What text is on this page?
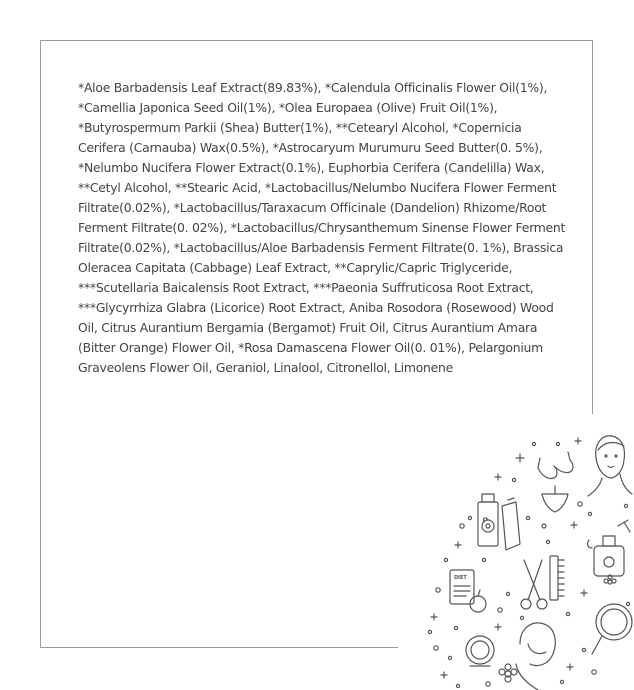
*Aloe Barbadensis Leaf Extract(89.83%), *Calendula Officinalis Flower Oil(1%), *Camellia Japonica Seed Oil(1%), *Olea Europaea (Olive) Fruit Oil(1%), *Butyrospermum Parkii (Shea) Butter(1%), **Cetearyl Alcohol, *Copernicia Cerifera (Carnauba) Wax(0.5%), *Astrocaryum Murumuru Seed Butter(0. 5%), *Nelumbo Nucifera Flower Extract(0.1%), Euphorbia Cerifera (Candelilla) Wax, **Cetyl Alcohol, **Stearic Acid, *Lactobacillus/Nelumbo Nucifera Flower Ferment Filtrate(0.02%), *Lactobacillus/Taraxacum Officinale (Dandelion) Rhizome/Root Ferment Filtrate(0. 02%), *Lactobacillus/Chrysanthemum Sinense Flower Ferment Filtrate(0.02%), *Lactobacillus/Aloe Barbadensis Ferment Filtrate(0. 1%), Brassica Oleracea Capitata (Cabbage) Leaf Extract, **Caprylic/Capric Triglyceride, ***Scutellaria Baicalensis Root Extract, ***Paeonia Suffruticosa Root Extract, ***Glycyrrhiza Glabra (Licorice) Root Extract, Aniba Rosodora (Rosewood) Wood Oil, Citrus Aurantium Bergamia (Bergamot) Fruit Oil, Citrus Aurantium Amara (Bitter Orange) Flower Oil, *Rosa Damascena Flower Oil(0. 01%), Pelargonium Graveolens Flower Oil, Geraniol, Linalool, Citronellol, Limonene

DIET
